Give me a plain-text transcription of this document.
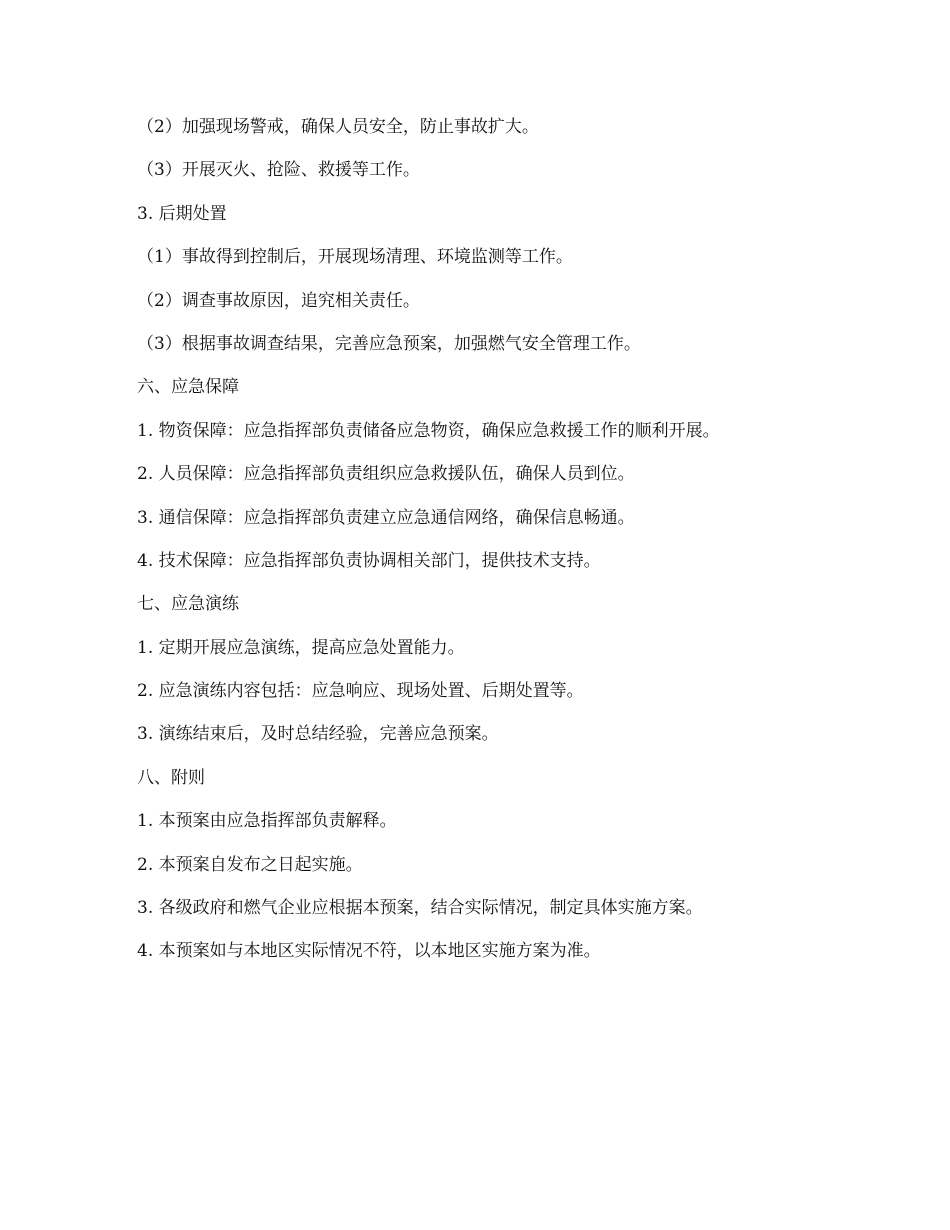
（2）加强现场警戒，确保人员安全，防止事故扩大。
（3）开展灭火、抢险、救援等工作。
3. 后期处置
（1）事故得到控制后，开展现场清理、环境监测等工作。
（2）调查事故原因，追究相关责任。
（3）根据事故调查结果，完善应急预案，加强燃气安全管理工作。
六、应急保障
1. 物资保障：应急指挥部负责储备应急物资，确保应急救援工作的顺利开展。
2. 人员保障：应急指挥部负责组织应急救援队伍，确保人员到位。
3. 通信保障：应急指挥部负责建立应急通信网络，确保信息畅通。
4. 技术保障：应急指挥部负责协调相关部门，提供技术支持。
七、应急演练
1. 定期开展应急演练，提高应急处置能力。
2. 应急演练内容包括：应急响应、现场处置、后期处置等。
3. 演练结束后，及时总结经验，完善应急预案。
八、附则
1. 本预案由应急指挥部负责解释。
2. 本预案自发布之日起实施。
3. 各级政府和燃气企业应根据本预案，结合实际情况，制定具体实施方案。
4. 本预案如与本地区实际情况不符，以本地区实施方案为准。
